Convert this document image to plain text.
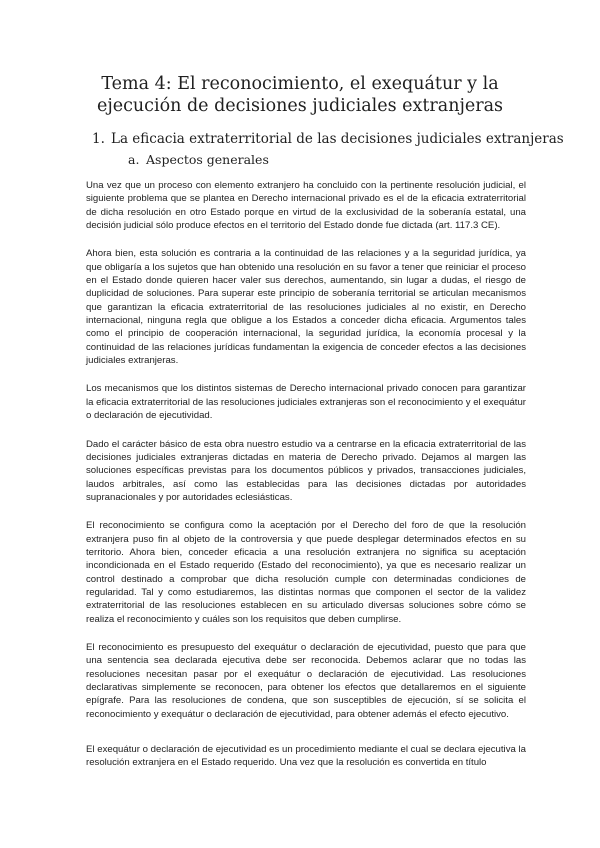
Tema 4: El reconocimiento, el exequátur y la ejecución de decisiones judiciales extranjeras
1. La eficacia extraterritorial de las decisiones judiciales extranjeras
a. Aspectos generales

Una vez que un proceso con elemento extranjero ha concluido con la pertinente resolución judicial, el siguiente problema que se plantea en Derecho internacional privado es el de la eficacia extraterritorial de dicha resolución en otro Estado porque en virtud de la exclusividad de la soberanía estatal, una decisión judicial sólo produce efectos en el territorio del Estado donde fue dictada (art. 117.3 CE).

Ahora bien, esta solución es contraria a la continuidad de las relaciones y a la seguridad jurídica, ya que obligaría a los sujetos que han obtenido una resolución en su favor a tener que reiniciar el proceso en el Estado donde quieren hacer valer sus derechos, aumentando, sin lugar a dudas, el riesgo de duplicidad de soluciones. Para superar este principio de soberanía territorial se articulan mecanismos que garantizan la eficacia extraterritorial de las resoluciones judiciales al no existir, en Derecho internacional, ninguna regla que obligue a los Estados a conceder dicha eficacia. Argumentos tales como el principio de cooperación internacional, la seguridad jurídica, la economía procesal y la continuidad de las relaciones jurídicas fundamentan la exigencia de conceder efectos a las decisiones judiciales extranjeras.

Los mecanismos que los distintos sistemas de Derecho internacional privado conocen para garantizar la eficacia extraterritorial de las resoluciones judiciales extranjeras son el reconocimiento y el exequátur o declaración de ejecutividad.

Dado el carácter básico de esta obra nuestro estudio va a centrarse en la eficacia extraterritorial de las decisiones judiciales extranjeras dictadas en materia de Derecho privado. Dejamos al margen las soluciones específicas previstas para los documentos públicos y privados, transacciones judiciales, laudos arbitrales, así como las establecidas para las decisiones dictadas por autoridades supranacionales y por autoridades eclesiásticas.

El reconocimiento se configura como la aceptación por el Derecho del foro de que la resolución extranjera puso fin al objeto de la controversia y que puede desplegar determinados efectos en su territorio. Ahora bien, conceder eficacia a una resolución extranjera no significa su aceptación incondicionada en el Estado requerido (Estado del reconocimiento), ya que es necesario realizar un control destinado a comprobar que dicha resolución cumple con determinadas condiciones de regularidad. Tal y como estudiaremos, las distintas normas que componen el sector de la validez extraterritorial de las resoluciones establecen en su articulado diversas soluciones sobre cómo se realiza el reconocimiento y cuáles son los requisitos que deben cumplirse.

El reconocimiento es presupuesto del exequátur o declaración de ejecutividad, puesto que para que una sentencia sea declarada ejecutiva debe ser reconocida. Debemos aclarar que no todas las resoluciones necesitan pasar por el exequátur o declaración de ejecutividad. Las resoluciones declarativas simplemente se reconocen, para obtener los efectos que detallaremos en el siguiente epígrafe. Para las resoluciones de condena, que son susceptibles de ejecución, sí se solicita el reconocimiento y exequátur o declaración de ejecutividad, para obtener además el efecto ejecutivo.

El exequátur o declaración de ejecutividad es un procedimiento mediante el cual se declara ejecutiva la resolución extranjera en el Estado requerido. Una vez que la resolución es convertida en título
